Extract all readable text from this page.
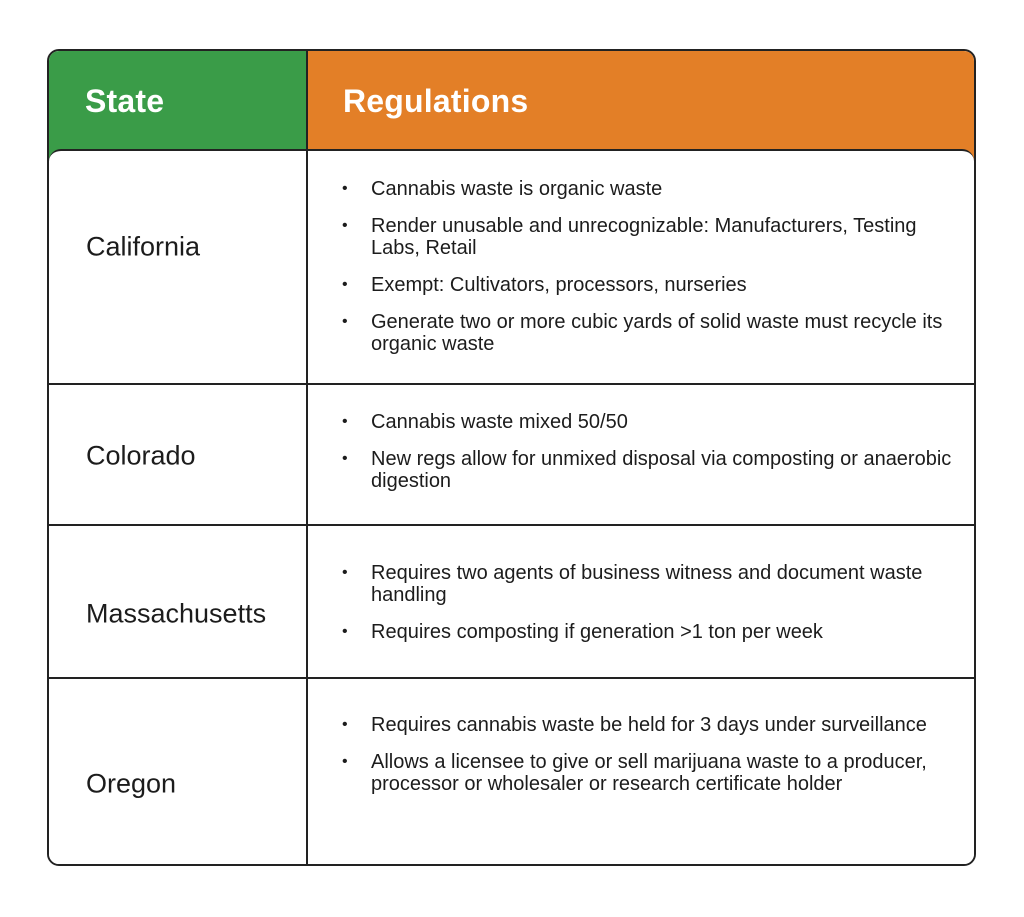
State	Regulations
California
• Cannabis waste is organic waste
• Render unusable and unrecognizable: Manufacturers, Testing Labs, Retail
• Exempt: Cultivators, processors, nurseries
• Generate two or more cubic yards of solid waste must recycle its organic waste
Colorado
• Cannabis waste mixed 50/50
• New regs allow for unmixed disposal via composting or anaerobic digestion
Massachusetts
• Requires two agents of business witness and document waste handling
• Requires composting if generation >1 ton per week
Oregon
• Requires cannabis waste be held for 3 days under surveillance
• Allows a licensee to give or sell marijuana waste to a producer, processor or wholesaler or research certificate holder
